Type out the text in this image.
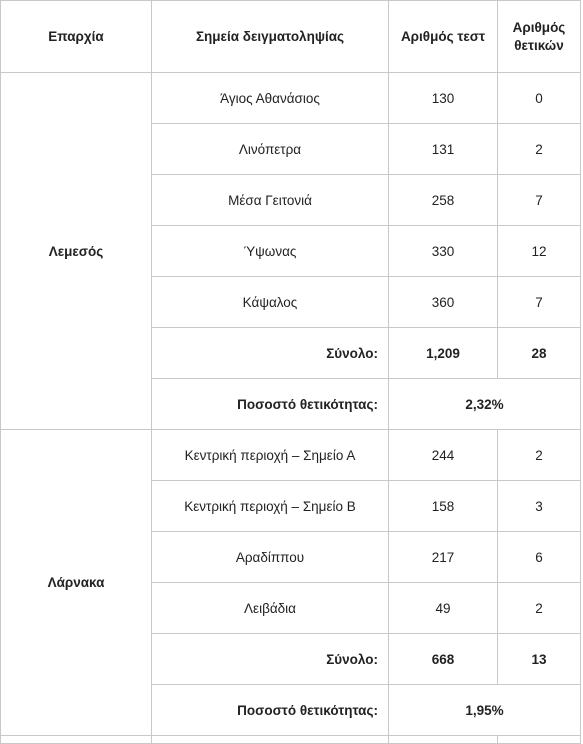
Επαρχία	Σημεία δειγματοληψίας	Αριθμός τεστ	Αριθμός θετικών
Λεμεσός	Άγιος Αθανάσιος	130	0
	Λινόπετρα	131	2
	Μέσα Γειτονιά	258	7
	Ύψωνας	330	12
	Κάψαλος	360	7
	Σύνολο:	1,209	28
	Ποσοστό θετικότητας:	2,32%	
Λάρνακα	Κεντρική περιοχή – Σημείο Α	244	2
	Κεντρική περιοχή – Σημείο Β	158	3
	Αραδίππου	217	6
	Λειβάδια	49	2
	Σύνολο:	668	13
	Ποσοστό θετικότητας:	1,95%	
